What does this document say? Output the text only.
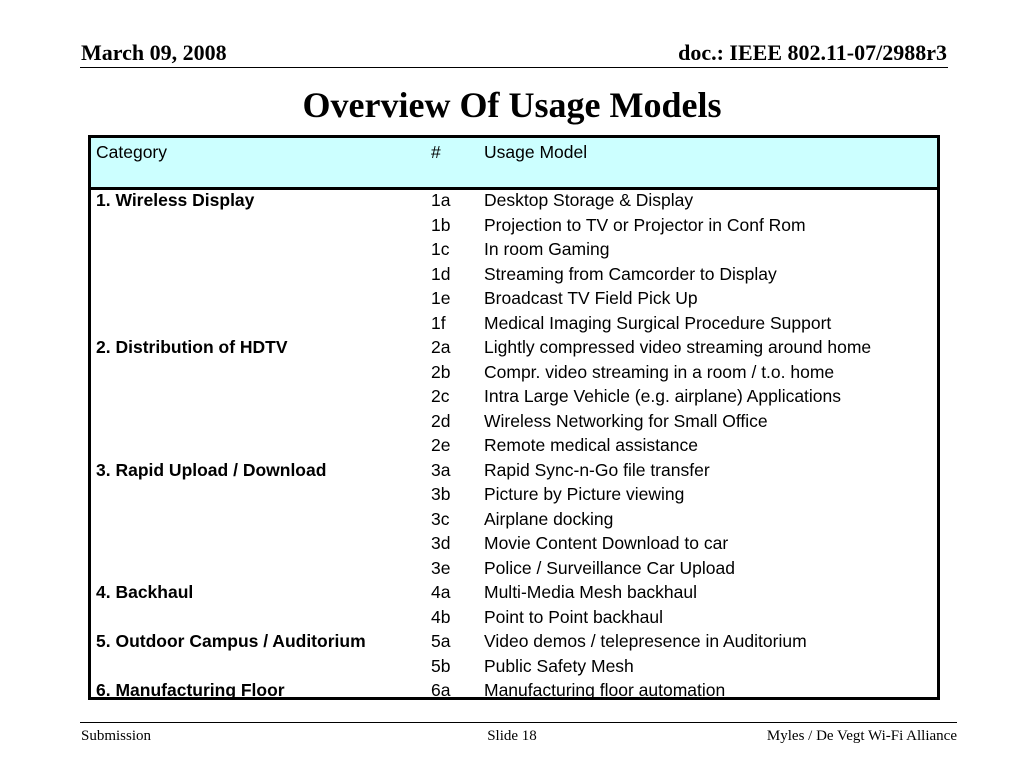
March 09, 2008	doc.: IEEE 802.11-07/2988r3
Overview Of Usage Models
Category	# Usage Model
1. Wireless Display	1a Desktop Storage & Display
1b Projection to TV or Projector in Conf Rom
1c In room Gaming
1d Streaming from Camcorder to Display
1e Broadcast TV Field Pick Up
1f Medical Imaging Surgical Procedure Support
2. Distribution of HDTV	2a Lightly compressed video streaming around home
2b Compr. video streaming in a room / t.o. home
2c Intra Large Vehicle (e.g. airplane) Applications
2d Wireless Networking for Small Office
2e Remote medical assistance
3. Rapid Upload / Download	3a Rapid Sync-n-Go file transfer
3b Picture by Picture viewing
3c Airplane docking
3d Movie Content Download to car
3e Police / Surveillance Car Upload
4. Backhaul	4a Multi-Media Mesh backhaul
4b Point to Point backhaul
5. Outdoor Campus / Auditorium	5a Video demos / telepresence in Auditorium
5b Public Safety Mesh
6. Manufacturing Floor	6a Manufacturing floor automation
Submission	Slide 18	Myles / De Vegt Wi-Fi Alliance
